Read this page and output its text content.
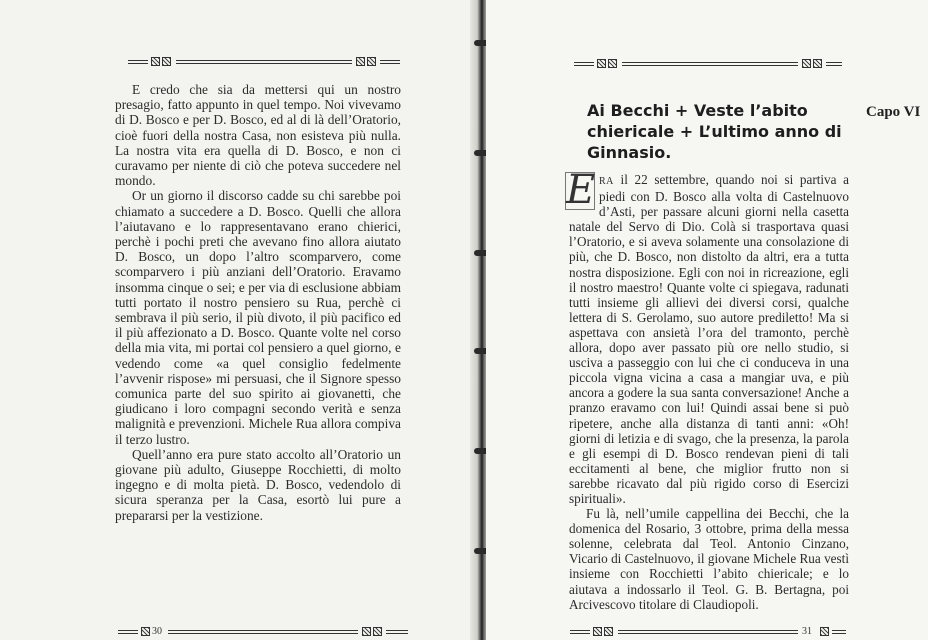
E credo che sia da mettersi qui un nostro presagio, fatto appunto in quel tempo. Noi vivevamo di D. Bosco e per D. Bosco, ed al di là dell’Oratorio, cioè fuori della nostra Casa, non esisteva più nulla. La nostra vita era quella di D. Bosco, e non ci curavamo per niente di ciò che poteva succedere nel mondo.

Or un giorno il discorso cadde su chi sarebbe poi chiamato a succedere a D. Bosco. Quelli che allora l’aiutavano e lo rappresentavano erano chierici, perchè i pochi preti che avevano fino allora aiutato D. Bosco, un dopo l’altro scomparvero, come scomparvero i più anziani dell’Oratorio. Eravamo insomma cinque o sei; e per via di esclusione abbiam tutti portato il nostro pensiero su Rua, perchè ci sembrava il più serio, il più divoto, il più pacifico ed il più affezionato a D. Bosco. Quante volte nel corso della mia vita, mi portai col pensiero a quel giorno, e vedendo come «a quel consiglio fedelmente l’avvenir rispose» mi persuasi, che il Signore spesso comunica parte del suo spirito ai giovanetti, che giudicano i loro compagni secondo verità e senza malignità e prevenzioni. Michele Rua allora compiva il terzo lustro.

Quell’anno era pure stato accolto all’Oratorio un giovane più adulto, Giuseppe Rocchietti, di molto ingegno e di molta pietà. D. Bosco, vedendolo di sicura speranza per la Casa, esortò lui pure a prepararsi per la vestizione.

30	31
Ai Becchi + Veste l’abito chiericale + L’ultimo anno di Ginnasio.
Capo VI

E RA il 22 settembre, quando noi si partiva a piedi con D. Bosco alla volta di Castelnuovo d’Asti, per passare alcuni giorni nella casetta natale del Servo di Dio. Colà si trasportava quasi l’Oratorio, e si aveva solamente una consolazione di più, che D. Bosco, non distolto da altri, era a tutta nostra disposizione. Egli con noi in ricreazione, egli il nostro maestro! Quante volte ci spiegava, radunati tutti insieme gli allievi dei diversi corsi, qualche lettera di S. Gerolamo, suo autore prediletto! Ma si aspettava con ansietà l’ora del tramonto, perchè allora, dopo aver passato più ore nello studio, si usciva a passeggio con lui che ci conduceva in una piccola vigna vicina a casa a mangiar uva, e più ancora a godere la sua santa conversazione! Anche a pranzo eravamo con lui! Quindi assai bene si può ripetere, anche alla distanza di tanti anni: «Oh! giorni di letizia e di svago, che la presenza, la parola e gli esempi di D. Bosco rendevan pieni di tali eccitamenti al bene, che miglior frutto non si sarebbe ricavato dal più rigido corso di Esercizi spirituali».

Fu là, nell’umile cappellina dei Becchi, che la domenica del Rosario, 3 ottobre, prima della messa solenne, celebrata dal Teol. Antonio Cinzano, Vicario di Castelnuovo, il giovane Michele Rua vestì insieme con Rocchietti l’abito chiericale; e lo aiutava a indossarlo il Teol. G. B. Bertagna, poi Arcivescovo titolare di Claudiopoli.
